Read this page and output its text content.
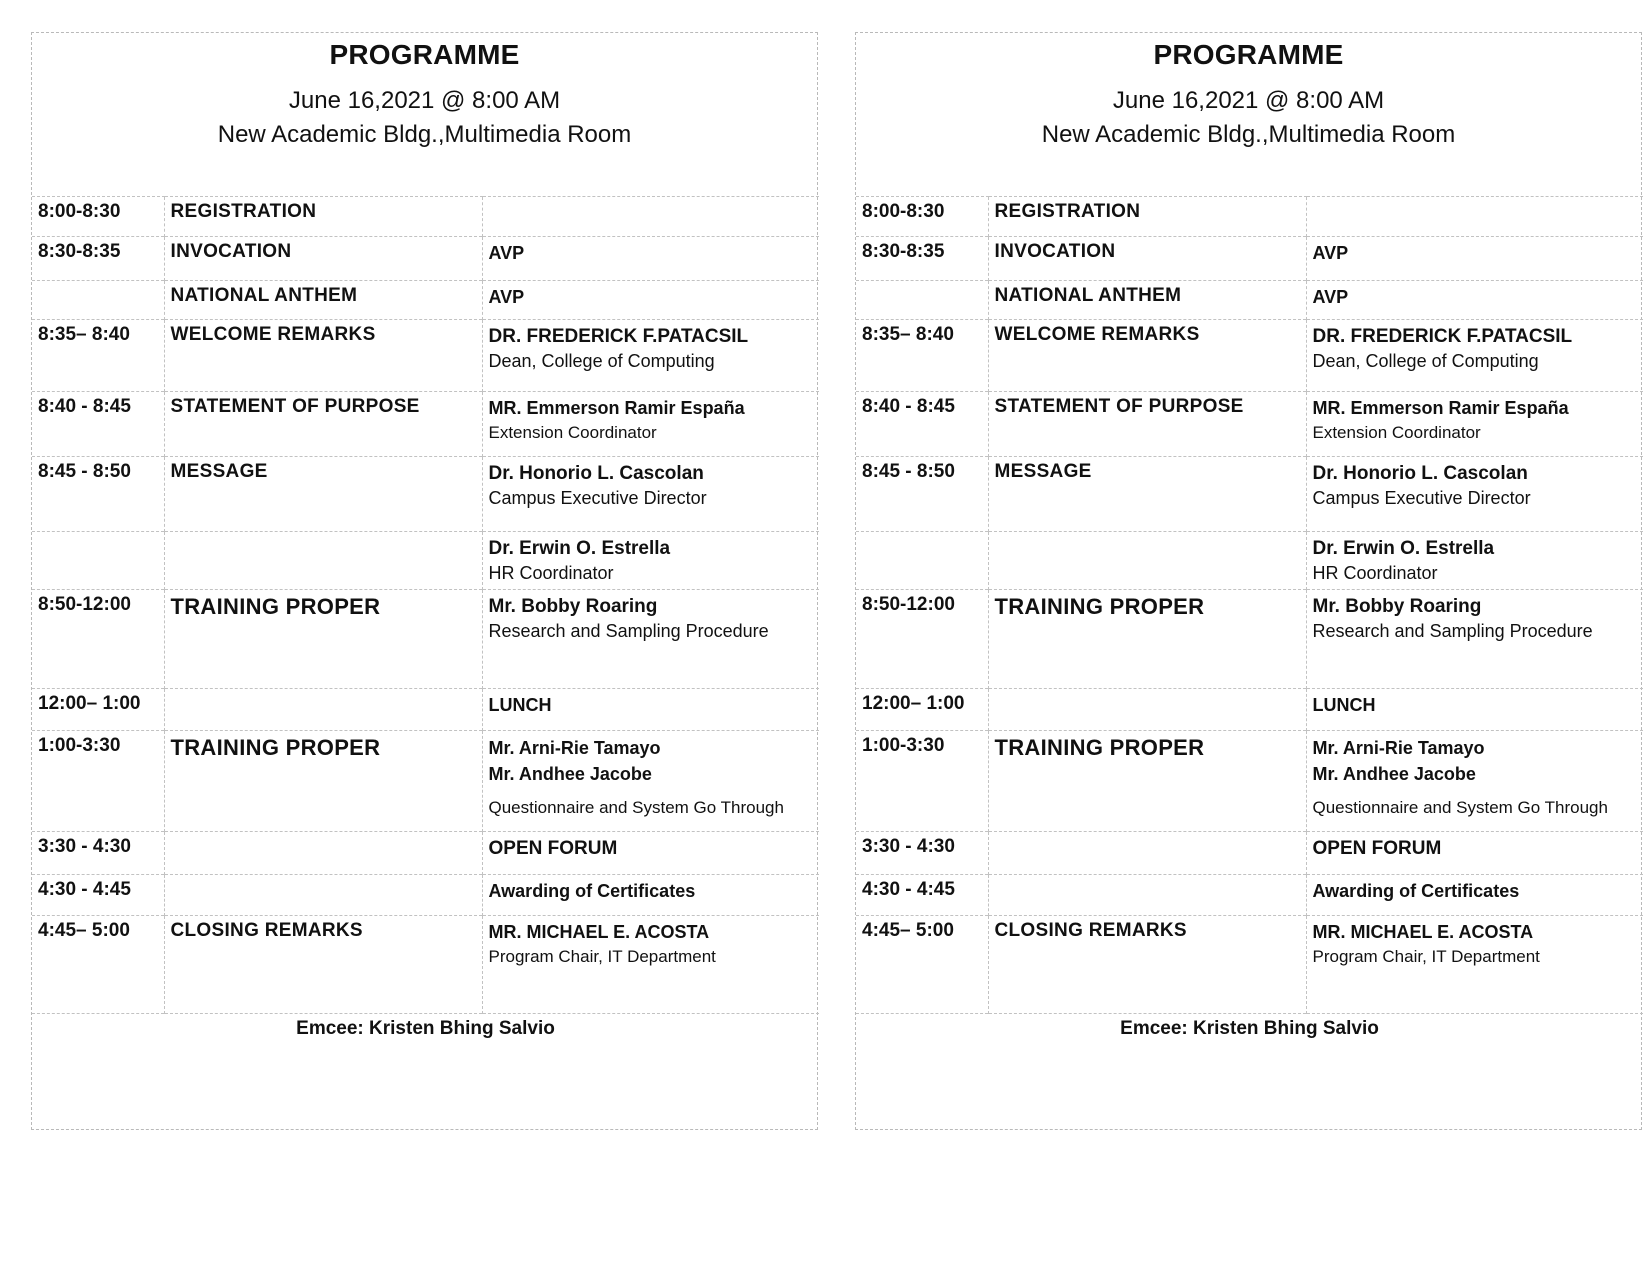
PROGRAMME
June 16,2021 @ 8:00 AM
New Academic Bldg.,Multimedia Room
8:00-8:30	REGISTRATION	
8:30-8:35	INVOCATION	AVP

	NATIONAL ANTHEM	AVP

8:35– 8:40	WELCOME REMARKS	DR. FREDERICK F.PATACSIL
Dean, College of Computing

8:40 - 8:45	STATEMENT OF PURPOSE	MR. Emmerson Ramir España
Extension Coordinator

8:45 - 8:50	MESSAGE	Dr. Honorio L. Cascolan
Campus Executive Director

		Dr. Erwin O. Estrella
HR Coordinator

8:50-12:00	TRAINING PROPER	Mr. Bobby Roaring
Research and Sampling Procedure

12:00– 1:00		LUNCH

1:00-3:30	TRAINING PROPER	Mr. Arni-Rie Tamayo
Mr. Andhee Jacobe
Questionnaire and System Go Through

3:30 - 4:30		OPEN FORUM

4:30 - 4:45		Awarding of Certificates

4:45– 5:00	CLOSING REMARKS	MR. MICHAEL E. ACOSTA
Program Chair, IT Department

Emcee: Kristen Bhing Salvio		
PROGRAMME
June 16,2021 @ 8:00 AM
New Academic Bldg.,Multimedia Room
8:00-8:30	REGISTRATION	
8:30-8:35	INVOCATION	AVP

	NATIONAL ANTHEM	AVP

8:35– 8:40	WELCOME REMARKS	DR. FREDERICK F.PATACSIL
Dean, College of Computing

8:40 - 8:45	STATEMENT OF PURPOSE	MR. Emmerson Ramir España
Extension Coordinator

8:45 - 8:50	MESSAGE	Dr. Honorio L. Cascolan
Campus Executive Director

		Dr. Erwin O. Estrella
HR Coordinator

8:50-12:00	TRAINING PROPER	Mr. Bobby Roaring
Research and Sampling Procedure

12:00– 1:00		LUNCH

1:00-3:30	TRAINING PROPER	Mr. Arni-Rie Tamayo
Mr. Andhee Jacobe
Questionnaire and System Go Through

3:30 - 4:30		OPEN FORUM

4:30 - 4:45		Awarding of Certificates

4:45– 5:00	CLOSING REMARKS	MR. MICHAEL E. ACOSTA
Program Chair, IT Department

Emcee: Kristen Bhing Salvio		
